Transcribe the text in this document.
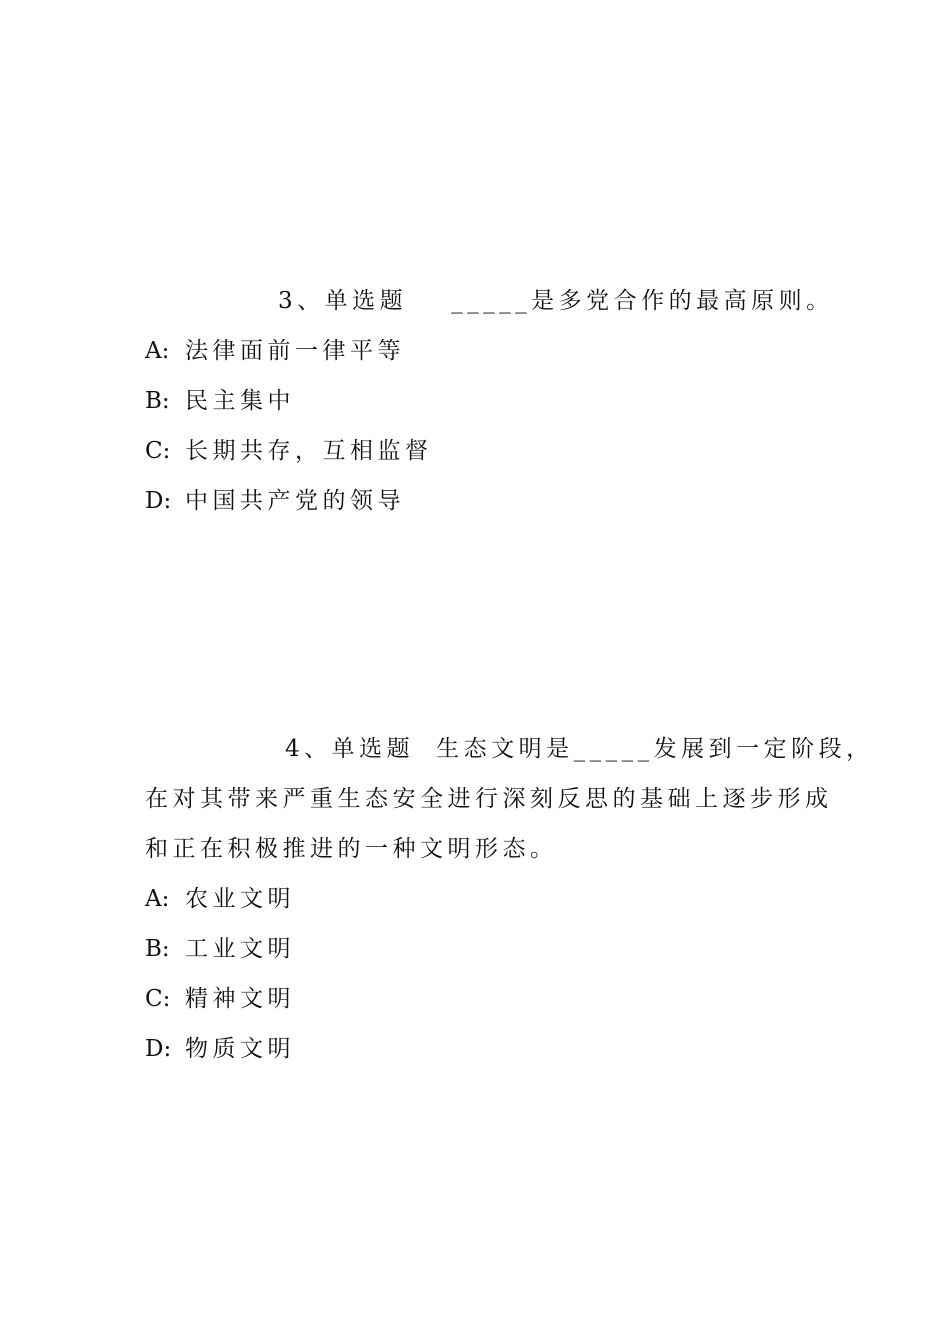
3、单选题 _____是多党合作的最高原则。
A: 法律面前一律平等
B: 民主集中
C: 长期共存，互相监督
D: 中国共产党的领导
4、单选题 生态文明是_____发展到一定阶段，
在对其带来严重生态安全进行深刻反思的基础上逐步形成
和正在积极推进的一种文明形态。
A: 农业文明
B: 工业文明
C: 精神文明
D: 物质文明
